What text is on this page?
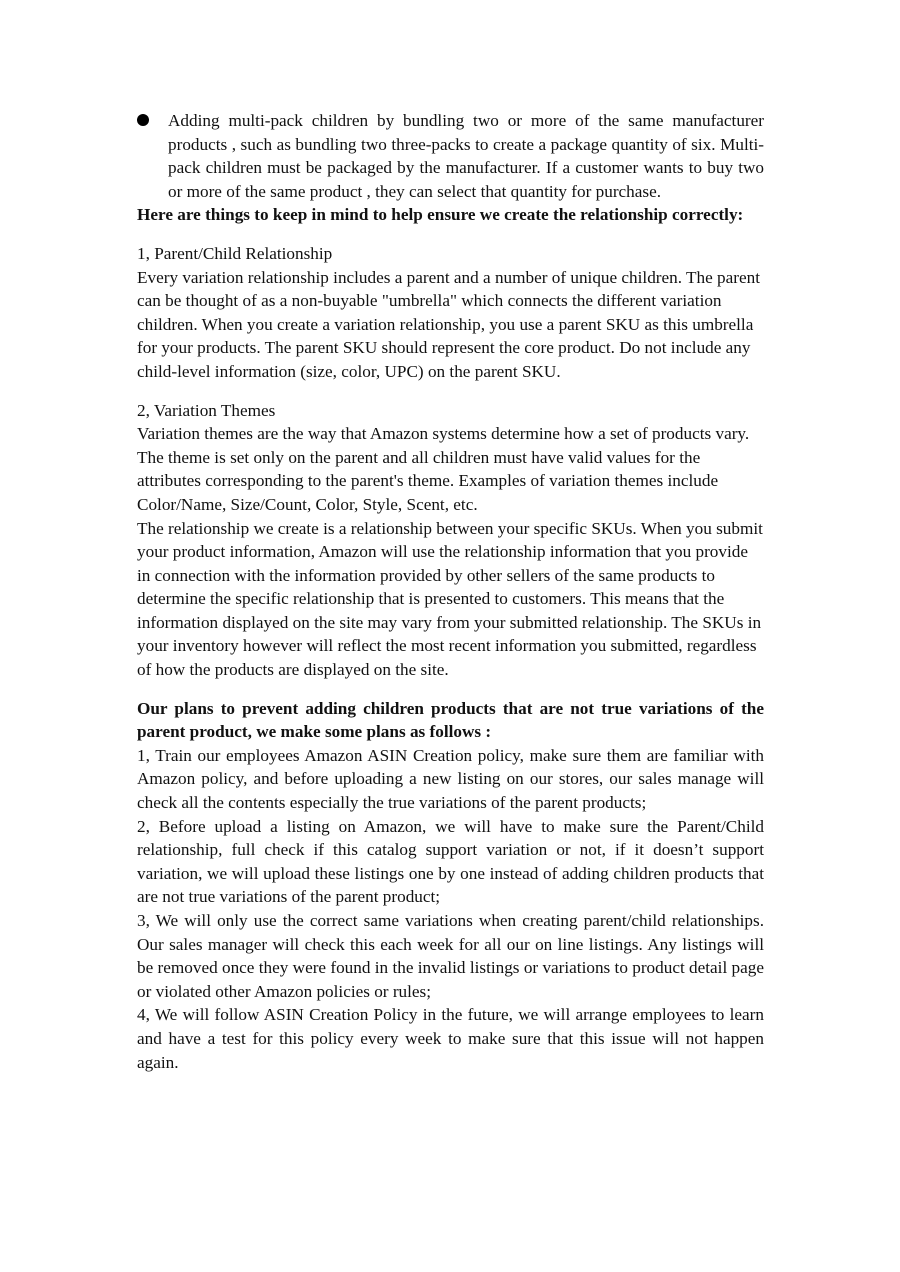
Adding multi-pack children by bundling two or more of the same manufacturer products , such as bundling two three-packs to create a package quantity of six. Multi-pack children must be packaged by the manufacturer. If a customer wants to buy two or more of the same product , they can select that quantity for purchase.

Here are things to keep in mind to help ensure we create the relationship correctly:

1, Parent/Child Relationship

Every variation relationship includes a parent and a number of unique children. The parent can be thought of as a non-buyable "umbrella" which connects the different variation children. When you create a variation relationship, you use a parent SKU as this umbrella for your products. The parent SKU should represent the core product. Do not include any child-level information (size, color, UPC) on the parent SKU.

2, Variation Themes

Variation themes are the way that Amazon systems determine how a set of products vary. The theme is set only on the parent and all children must have valid values for the attributes corresponding to the parent's theme. Examples of variation themes include Color/Name, Size/Count, Color, Style, Scent, etc.

The relationship we create is a relationship between your specific SKUs. When you submit your product information, Amazon will use the relationship information that you provide in connection with the information provided by other sellers of the same products to determine the specific relationship that is presented to customers. This means that the information displayed on the site may vary from your submitted relationship. The SKUs in your inventory however will reflect the most recent information you submitted, regardless of how the products are displayed on the site.

Our plans to prevent adding children products that are not true variations of the parent product, we make some plans as follows :

1, Train our employees Amazon ASIN Creation policy, make sure them are familiar with Amazon policy, and before uploading a new listing on our stores, our sales manage will check all the contents especially the true variations of the parent products;

2, Before upload a listing on Amazon, we will have to make sure the Parent/Child relationship, full check if this catalog support variation or not, if it doesn’t support variation, we will upload these listings one by one instead of adding children products that are not true variations of the parent product;

3, We will only use the correct same variations when creating parent/child relationships. Our sales manager will check this each week for all our on line listings. Any listings will be removed once they were found in the invalid listings or variations to product detail page or violated other Amazon policies or rules;

4, We will follow ASIN Creation Policy in the future, we will arrange employees to learn and have a test for this policy every week to make sure that this issue will not happen again.
